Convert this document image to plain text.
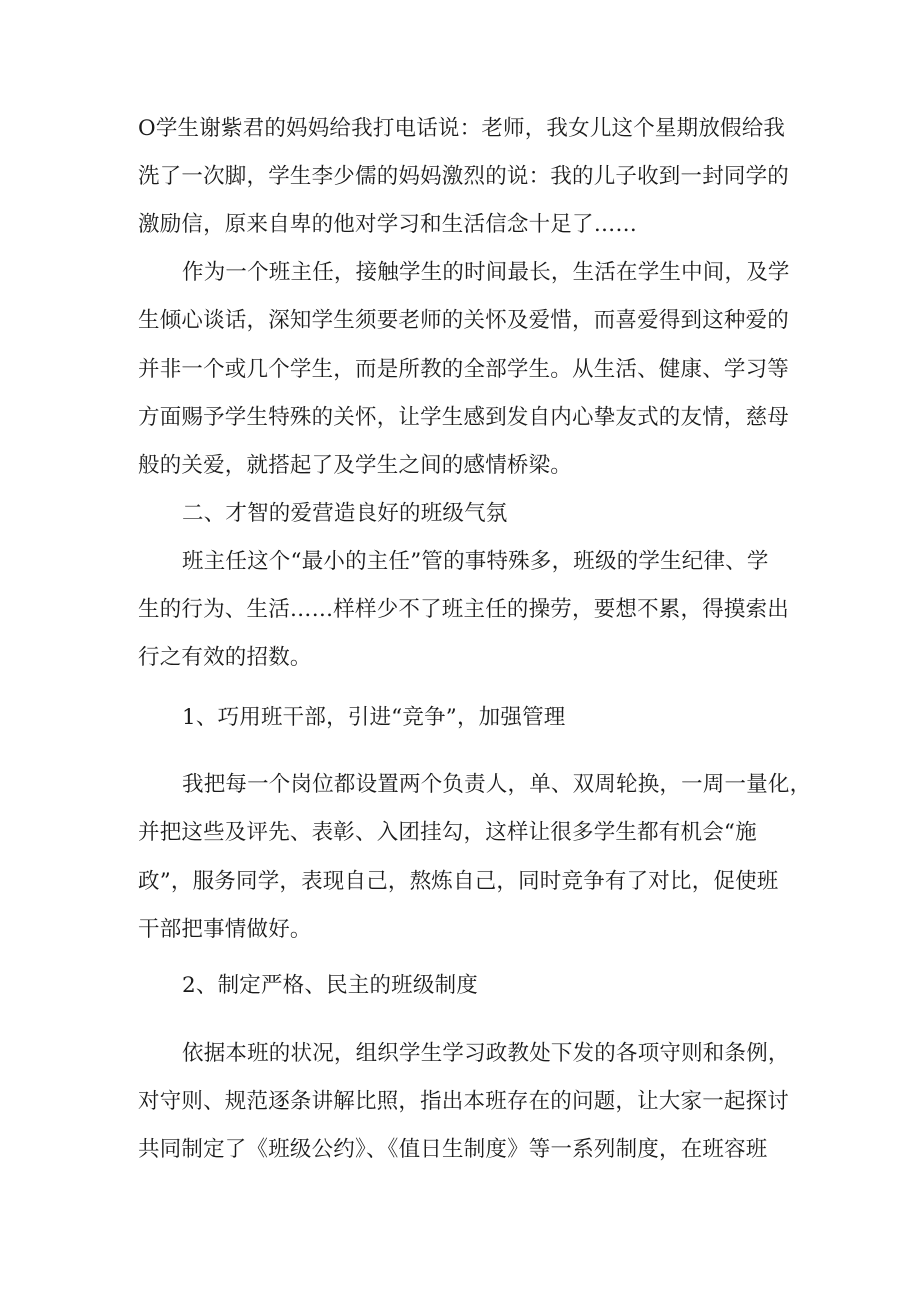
O学生谢紫君的妈妈给我打电话说：老师，我女儿这个星期放假给我
洗了一次脚，学生李少儒的妈妈激烈的说：我的儿子收到一封同学的
激励信，原来自卑的他对学习和生活信念十足了……
作为一个班主任，接触学生的时间最长，生活在学生中间，及学
生倾心谈话，深知学生须要老师的关怀及爱惜，而喜爱得到这种爱的
并非一个或几个学生，而是所教的全部学生。从生活、健康、学习等
方面赐予学生特殊的关怀，让学生感到发自内心挚友式的友情，慈母
般的关爱，就搭起了及学生之间的感情桥梁。
二、才智的爱营造良好的班级气氛
班主任这个“最小的主任”管的事特殊多，班级的学生纪律、学
生的行为、生活……样样少不了班主任的操劳，要想不累，得摸索出
行之有效的招数。
1、巧用班干部，引进“竞争”，加强管理
我把每一个岗位都设置两个负责人，单、双周轮换，一周一量化，
并把这些及评先、表彰、入团挂勾，这样让很多学生都有机会“施
政”，服务同学，表现自己，熬炼自己，同时竞争有了对比，促使班
干部把事情做好。
2、制定严格、民主的班级制度
依据本班的状况，组织学生学习政教处下发的各项守则和条例，
对守则、规范逐条讲解比照，指出本班存在的问题，让大家一起探讨
共同制定了《班级公约》、《值日生制度》等一系列制度，在班容班
